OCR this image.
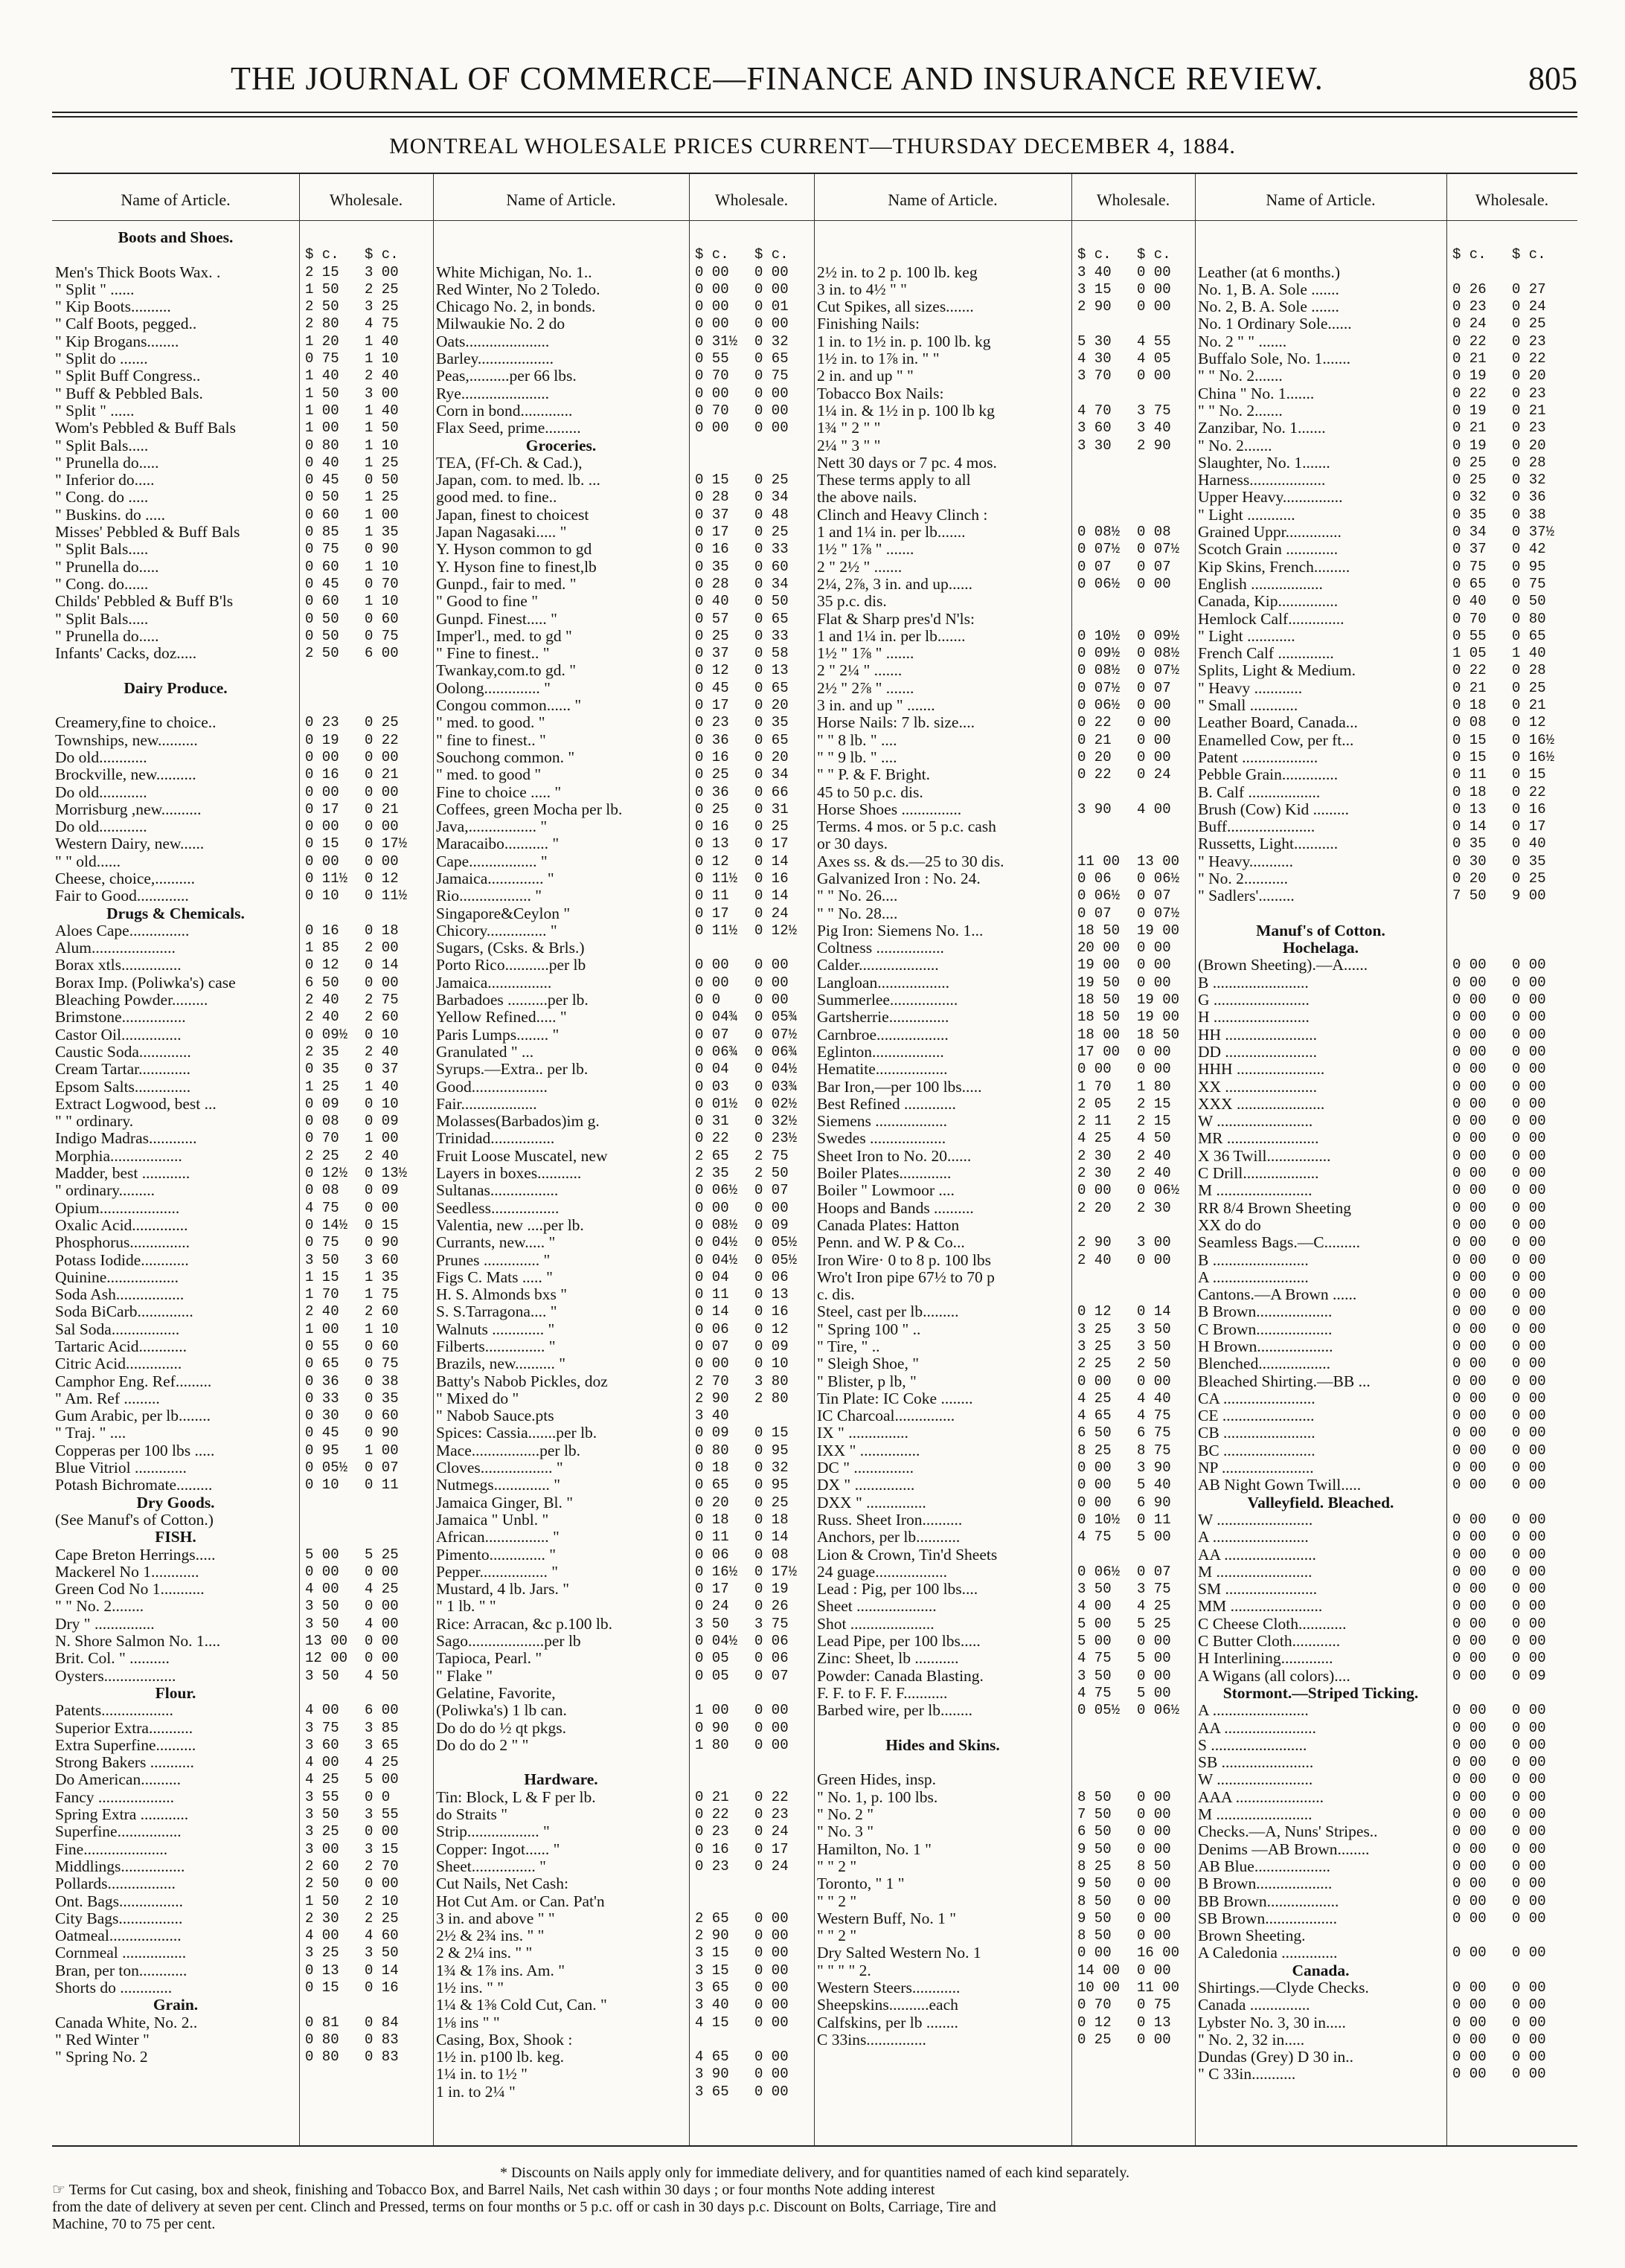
THE JOURNAL OF COMMERCE—FINANCE AND INSURANCE REVIEW.	805
MONTREAL WHOLESALE PRICES CURRENT—THURSDAY DECEMBER 4, 1884.
Name of Article.	Wholesale.
Boots and Shoes.
$ c. $ c.
Men's Thick Boots Wax. .	2 15 3 00
" Split " ......	1 50 2 25
" Kip Boots..........	2 50 3 25
" Calf Boots, pegged..	2 80 4 75
" Kip Brogans........	1 20 1 40
" Split do .......	0 75 1 10
" Split Buff Congress..	1 40 2 40
" Buff & Pebbled Bals.	1 50 3 00
" Split " ......	1 00 1 40
Wom's Pebbled & Buff Bals	1 00 1 50
" Split Bals.....	0 80 1 10
" Prunella do.....	0 40 1 25
" Inferior do.....	0 45 0 50
" Cong. do .....	0 50 1 25
" Buskins. do .....	0 60 1 00
Misses' Pebbled & Buff Bals	0 85 1 35
" Split Bals.....	0 75 0 90
" Prunella do.....	0 60 1 10
" Cong. do......	0 45 0 70
Childs' Pebbled & Buff B'ls	0 60 1 10
" Split Bals.....	0 50 0 60
" Prunella do.....	0 50 0 75
Infants' Cacks, doz.....	2 50 6 00
Dairy Produce.
Creamery,fine to choice..	0 23 0 25
Townships, new..........	0 19 0 22
Do old............	0 00 0 00
Brockville, new..........	0 16 0 21
Do old............	0 00 0 00
Morrisburg ,new..........	0 17 0 21
Do old............	0 00 0 00
Western Dairy, new......	0 15 0 17½
" " old......	0 00 0 00
Cheese, choice,..........	0 11½ 0 12
Fair to Good.............	0 10 0 11½
Drugs & Chemicals.
Aloes Cape...............	0 16 0 18
Alum.....................	1 85 2 00
Borax xtls...............	0 12 0 14
Borax Imp. (Poliwka's) case	6 50 0 00
Bleaching Powder.........	2 40 2 75
Brimstone................	2 40 2 60
Castor Oil...............	0 09½ 0 10
Caustic Soda.............	2 35 2 40
Cream Tartar.............	0 35 0 37
Epsom Salts..............	1 25 1 40
Extract Logwood, best ...	0 09 0 10
" " ordinary.	0 08 0 09
Indigo Madras............	0 70 1 00
Morphia..................	2 25 2 40
Madder, best ............	0 12½ 0 13½
" ordinary.........	0 08 0 09
Opium....................	4 75 0 00
Oxalic Acid..............	0 14½ 0 15
Phosphorus...............	0 75 0 90
Potass Iodide............	3 50 3 60
Quinine..................	1 15 1 35
Soda Ash.................	1 70 1 75
Soda BiCarb..............	2 40 2 60
Sal Soda.................	1 00 1 10
Tartaric Acid............	0 55 0 60
Citric Acid..............	0 65 0 75
Camphor Eng. Ref.........	0 36 0 38
" Am. Ref .........	0 33 0 35
Gum Arabic, per lb........	0 30 0 60
" Traj. " ....	0 45 0 90
Copperas per 100 lbs .....	0 95 1 00
Blue Vitriol .............	0 05½ 0 07
Potash Bichromate.........	0 10 0 11
Dry Goods.
(See Manuf's of Cotton.)
FISH.
Cape Breton Herrings.....	5 00 5 25
Mackerel No 1............	0 00 0 00
Green Cod No 1...........	4 00 4 25
" " No. 2........	3 50 0 00
Dry " ...............	3 50 4 00
N. Shore Salmon No. 1....	13 00 0 00
Brit. Col. " ..........	12 00 0 00
Oysters..................	3 50 4 50
Flour.
Patents..................	4 00 6 00
Superior Extra...........	3 75 3 85
Extra Superfine..........	3 60 3 65
Strong Bakers ...........	4 00 4 25
Do American..........	4 25 5 00
Fancy ...................	3 55 0 0
Spring Extra ............	3 50 3 55
Superfine................	3 25 0 00
Fine.....................	3 00 3 15
Middlings................	2 60 2 70
Pollards.................	2 50 0 00
Ont. Bags................	1 50 2 10
City Bags................	2 30 2 25
Oatmeal..................	4 00 4 60
Cornmeal ................	3 25 3 50
Bran, per ton............	0 13 0 14
Shorts do .............	0 15 0 16
Grain.
Canada White, No. 2..	0 81 0 84
" Red Winter "	0 80 0 83
" Spring No. 2	0 80 0 83
Name of Article.	Wholesale.
$ c. $ c.
White Michigan, No. 1..	0 00 0 00
Red Winter, No 2 Toledo.	0 00 0 00
Chicago No. 2, in bonds.	0 00 0 01
Milwaukie No. 2 do	0 00 0 00
Oats.....................	0 31½ 0 32
Barley...................	0 55 0 65
Peas,..........per 66 lbs.	0 70 0 75
Rye......................	0 00 0 00
Corn in bond.............	0 70 0 00
Flax Seed, prime.........	0 00 0 00
Groceries.
TEA, (Ff-Ch. & Cad.),
Japan, com. to med. lb. ...	0 15 0 25
good med. to fine..	0 28 0 34
Japan, finest to choicest	0 37 0 48
Japan Nagasaki..... "	0 17 0 25
Y. Hyson common to gd	0 16 0 33
Y. Hyson fine to finest,lb	0 35 0 60
Gunpd., fair to med. "	0 28 0 34
" Good to fine "	0 40 0 50
Gunpd. Finest..... "	0 57 0 65
Imper'l., med. to gd "	0 25 0 33
" Fine to finest.. "	0 37 0 58
Twankay,com.to gd. "	0 12 0 13
Oolong.............. "	0 45 0 65
Congou common...... "	0 17 0 20
" med. to good. "	0 23 0 35
" fine to finest.. "	0 36 0 65
Souchong common. "	0 16 0 20
" med. to good "	0 25 0 34
Fine to choice ..... "	0 36 0 66
Coffees, green Mocha per lb.	0 25 0 31
Java,................. "	0 16 0 25
Maracaibo........... "	0 13 0 17
Cape................. "	0 12 0 14
Jamaica.............. "	0 11½ 0 16
Rio.................. "	0 11 0 14
Singapore&Ceylon "	0 17 0 24
Chicory............... "	0 11½ 0 12½
Sugars, (Csks. & Brls.)
Porto Rico...........per lb	0 00 0 00
Jamaica................	0 00 0 00
Barbadoes ..........per lb.	0 0 0 00
Yellow Refined..... "	0 04¾ 0 05¾
Paris Lumps........ "	0 07 0 07½
Granulated " ...	0 06¾ 0 06¾
Syrups.—Extra.. per lb.	0 04 0 04½
Good...................	0 03 0 03¾
Fair...................	0 01½ 0 02½
Molasses(Barbados)im g.	0 31 0 32½
Trinidad................	0 22 0 23½
Fruit Loose Muscatel, new	2 65 2 75
Layers in boxes...........	2 35 2 50
Sultanas.................	0 06½ 0 07
Seedless.................	0 00 0 00
Valentia, new ....per lb.	0 08½ 0 09
Currants, new..... "	0 04½ 0 05½
Prunes .............. "	0 04½ 0 05½
Figs C. Mats ..... "	0 04 0 06
H. S. Almonds bxs "	0 11 0 13
S. S.Tarragona.... "	0 14 0 16
Walnuts ............. "	0 06 0 12
Filberts............... "	0 07 0 09
Brazils, new.......... "	0 00 0 10
Batty's Nabob Pickles, doz	2 70 3 80
" Mixed do "	2 90 2 80
" Nabob Sauce.pts	3 40
Spices: Cassia.......per lb.	0 09 0 15
Mace.................per lb.	0 80 0 95
Cloves.................. "	0 18 0 32
Nutmegs.............. "	0 65 0 95
Jamaica Ginger, Bl. "	0 20 0 25
Jamaica " Unbl. "	0 18 0 18
African................ "	0 11 0 14
Pimento.............. "	0 06 0 08
Pepper................. "	0 16½ 0 17½
Mustard, 4 lb. Jars. "	0 17 0 19
" 1 lb. " "	0 24 0 26
Rice: Arracan, &c p.100 lb.	3 50 3 75
Sago...................per lb	0 04½ 0 06
Tapioca, Pearl. "	0 05 0 06
" Flake "	0 05 0 07
Gelatine, Favorite,
(Poliwka's) 1 lb can.	1 00 0 00
Do do do ½ qt pkgs.	0 90 0 00
Do do do 2 " "	1 80 0 00
Hardware.
Tin: Block, L & F per lb.	0 21 0 22
do Straits "	0 22 0 23
Strip.................. "	0 23 0 24
Copper: Ingot...... "	0 16 0 17
Sheet................ "	0 23 0 24
Cut Nails, Net Cash:
Hot Cut Am. or Can. Pat'n
3 in. and above " "	2 65 0 00
2½ & 2¾ ins. " "	2 90 0 00
2 & 2¼ ins. " "	3 15 0 00
1¾ & 1⅞ ins. Am. "	3 15 0 00
1½ ins. " "	3 65 0 00
1¼ & 1⅜ Cold Cut, Can. "	3 40 0 00
1⅛ ins " "	4 15 0 00
Casing, Box, Shook :
1½ in. p100 lb. keg.	4 65 0 00
1¼ in. to 1½ "	3 90 0 00
1 in. to 2¼ "	3 65 0 00
Name of Article.	Wholesale.
$ c. $ c.
2½ in. to 2 p. 100 lb. keg	3 40 0 00
3 in. to 4½ " "	3 15 0 00
Cut Spikes, all sizes.......	2 90 0 00
Finishing Nails:
1 in. to 1½ in. p. 100 lb. kg	5 30 4 55
1½ in. to 1⅞ in. " "	4 30 4 05
2 in. and up " "	3 70 0 00
Tobacco Box Nails:
1¼ in. & 1½ in p. 100 lb kg	4 70 3 75
1¾ " 2 " "	3 60 3 40
2¼ " 3 " "	3 30 2 90
Nett 30 days or 7 pc. 4 mos.
These terms apply to all
the above nails.
Clinch and Heavy Clinch :
1 and 1¼ in. per lb.......	0 08½ 0 08
1½ " 1⅞ " .......	0 07½ 0 07½
2 " 2½ " .......	0 07 0 07
2¼, 2⅞, 3 in. and up......	0 06½ 0 00
35 p.c. dis.
Flat & Sharp pres'd N'ls:
1 and 1¼ in. per lb.......	0 10½ 0 09½
1½ " 1⅞ " .......	0 09½ 0 08½
2 " 2¼ " .......	0 08½ 0 07½
2½ " 2⅞ " .......	0 07½ 0 07
3 in. and up " .......	0 06½ 0 00
Horse Nails: 7 lb. size....	0 22 0 00
" " 8 lb. " ....	0 21 0 00
" " 9 lb. " ....	0 20 0 00
" " P. & F. Bright.	0 22 0 24
45 to 50 p.c. dis.
Horse Shoes ...............	3 90 4 00
Terms. 4 mos. or 5 p.c. cash
or 30 days.
Axes ss. & ds.—25 to 30 dis.	11 00 13 00
Galvanized Iron : No. 24.	0 06 0 06½
" " No. 26....	0 06½ 0 07
" " No. 28....	0 07 0 07½
Pig Iron: Siemens No. 1...	18 50 19 00
Coltness .................	20 00 0 00
Calder....................	19 00 0 00
Langloan..................	19 50 0 00
Summerlee.................	18 50 19 00
Gartsherrie...............	18 50 19 00
Carnbroe..................	18 00 18 50
Eglinton..................	17 00 0 00
Hematite..................	0 00 0 00
Bar Iron,—per 100 lbs.....	1 70 1 80
Best Refined .............	2 05 2 15
Siemens ..................	2 11 2 15
Swedes ...................	4 25 4 50
Sheet Iron to No. 20......	2 30 2 40
Boiler Plates.............	2 30 2 40
Boiler " Lowmoor ....	0 00 0 06½
Hoops and Bands ..........	2 20 2 30
Canada Plates: Hatton
Penn. and W. P & Co...	2 90 3 00
Iron Wire· 0 to 8 p. 100 lbs	2 40 0 00
Wro't Iron pipe 67½ to 70 p
c. dis.
Steel, cast per lb.........	0 12 0 14
" Spring 100 " ..	3 25 3 50
" Tire, " ..	3 25 3 50
" Sleigh Shoe, "	2 25 2 50
" Blister, p lb, "	0 00 0 00
Tin Plate: IC Coke ........	4 25 4 40
IC Charcoal...............	4 65 4 75
IX " ...............	6 50 6 75
IXX " ...............	8 25 8 75
DC " ...............	0 00 3 90
DX " ...............	0 00 5 40
DXX " ...............	0 00 6 90
Russ. Sheet Iron..........	0 10½ 0 11
Anchors, per lb...........	4 75 5 00
Lion & Crown, Tin'd Sheets
24 guage..................	0 06½ 0 07
Lead : Pig, per 100 lbs....	3 50 3 75
Sheet ....................	4 00 4 25
Shot .....................	5 00 5 25
Lead Pipe, per 100 lbs.....	5 00 0 00
Zinc: Sheet, lb ...........	4 75 5 00
Powder: Canada Blasting.	3 50 0 00
F. F. to F. F. F...........	4 75 5 00
Barbed wire, per lb........	0 05½ 0 06½
Hides and Skins.
Green Hides, insp.
" No. 1, p. 100 lbs.	8 50 0 00
" No. 2 "	7 50 0 00
" No. 3 "	6 50 0 00
Hamilton, No. 1 "	9 50 0 00
" " 2 "	8 25 8 50
Toronto, " 1 "	9 50 0 00
" " 2 "	8 50 0 00
Western Buff, No. 1 "	9 50 0 00
" " 2 "	8 50 0 00
Dry Salted Western No. 1	0 00 16 00
" " " " 2.	14 00 0 00
Western Steers............	10 00 11 00
Sheepskins..........each	0 70 0 75
Calfskins, per lb ........	0 12 0 13
C 33ins...............	0 25 0 00
Name of Article.	Wholesale.
$ c. $ c.
Leather (at 6 months.)
No. 1, B. A. Sole .......	0 26 0 27
No. 2, B. A. Sole .......	0 23 0 24
No. 1 Ordinary Sole......	0 24 0 25
No. 2 " " .......	0 22 0 23
Buffalo Sole, No. 1.......	0 21 0 22
" " No. 2.......	0 19 0 20
China " No. 1.......	0 22 0 23
" " No. 2.......	0 19 0 21
Zanzibar, No. 1.......	0 21 0 23
" No. 2.......	0 19 0 20
Slaughter, No. 1.......	0 25 0 28
Harness...................	0 25 0 32
Upper Heavy...............	0 32 0 36
" Light ............	0 35 0 38
Grained Uppr..............	0 34 0 37½
Scotch Grain .............	0 37 0 42
Kip Skins, French.........	0 75 0 95
English ..................	0 65 0 75
Canada, Kip...............	0 40 0 50
Hemlock Calf..............	0 70 0 80
" Light ............	0 55 0 65
French Calf ..............	1 05 1 40
Splits, Light & Medium.	0 22 0 28
" Heavy ............	0 21 0 25
" Small ............	0 18 0 21
Leather Board, Canada...	0 08 0 12
Enamelled Cow, per ft...	0 15 0 16½
Patent ...................	0 15 0 16½
Pebble Grain..............	0 11 0 15
B. Calf ..................	0 18 0 22
Brush (Cow) Kid .........	0 13 0 16
Buff......................	0 14 0 17
Russetts, Light...........	0 35 0 40
" Heavy...........	0 30 0 35
" No. 2...........	0 20 0 25
" Sadlers'.........	7 50 9 00
Manuf's of Cotton.
Hochelaga.
(Brown Sheeting).—A......	0 00 0 00
B ........................	0 00 0 00
G ........................	0 00 0 00
H ........................	0 00 0 00
HH .......................	0 00 0 00
DD .......................	0 00 0 00
HHH ......................	0 00 0 00
XX .......................	0 00 0 00
XXX ......................	0 00 0 00
W ........................	0 00 0 00
MR .......................	0 00 0 00
X 36 Twill................	0 00 0 00
C Drill...................	0 00 0 00
M ........................	0 00 0 00
RR 8/4 Brown Sheeting	0 00 0 00
XX do do	0 00 0 00
Seamless Bags.—C.........	0 00 0 00
B ........................	0 00 0 00
A ........................	0 00 0 00
Cantons.—A Brown ......	0 00 0 00
B Brown...................	0 00 0 00
C Brown...................	0 00 0 00
H Brown...................	0 00 0 00
Blenched..................	0 00 0 00
Bleached Shirting.—BB ...	0 00 0 00
CA .......................	0 00 0 00
CE .......................	0 00 0 00
CB .......................	0 00 0 00
BC .......................	0 00 0 00
NP .......................	0 00 0 00
AB Night Gown Twill.....	0 00 0 00
Valleyfield. Bleached.
W ........................	0 00 0 00
A ........................	0 00 0 00
AA .......................	0 00 0 00
M ........................	0 00 0 00
SM .......................	0 00 0 00
MM .......................	0 00 0 00
C Cheese Cloth............	0 00 0 00
C Butter Cloth............	0 00 0 00
H Interlining.............	0 00 0 00
A Wigans (all colors)....	0 00 0 09
Stormont.—Striped Ticking.
A ........................	0 00 0 00
AA .......................	0 00 0 00
S ........................	0 00 0 00
SB .......................	0 00 0 00
W ........................	0 00 0 00
AAA ......................	0 00 0 00
M ........................	0 00 0 00
Checks.—A, Nuns' Stripes..	0 00 0 00
Denims —AB Brown........	0 00 0 00
AB Blue...................	0 00 0 00
B Brown...................	0 00 0 00
BB Brown..................	0 00 0 00
SB Brown..................	0 00 0 00
Brown Sheeting.
A Caledonia ..............	0 00 0 00
Canada.
Shirtings.—Clyde Checks.	0 00 0 00
Canada ...............	0 00 0 00
Lybster No. 3, 30 in.....	0 00 0 00
" No. 2, 32 in.....	0 00 0 00
Dundas (Grey) D 30 in..	0 00 0 00
" C 33in...........	0 00 0 00
* Discounts on Nails apply only for immediate delivery, and for quantities named of each kind separately.
☞ Terms for Cut casing, box and sheok, finishing and Tobacco Box, and Barrel Nails, Net cash within 30 days ; or four months Note adding interest
from the date of delivery at seven per cent. Clinch and Pressed, terms on four months or 5 p.c. off or cash in 30 days p.c. Discount on Bolts, Carriage, Tire and
Machine, 70 to 75 per cent.
